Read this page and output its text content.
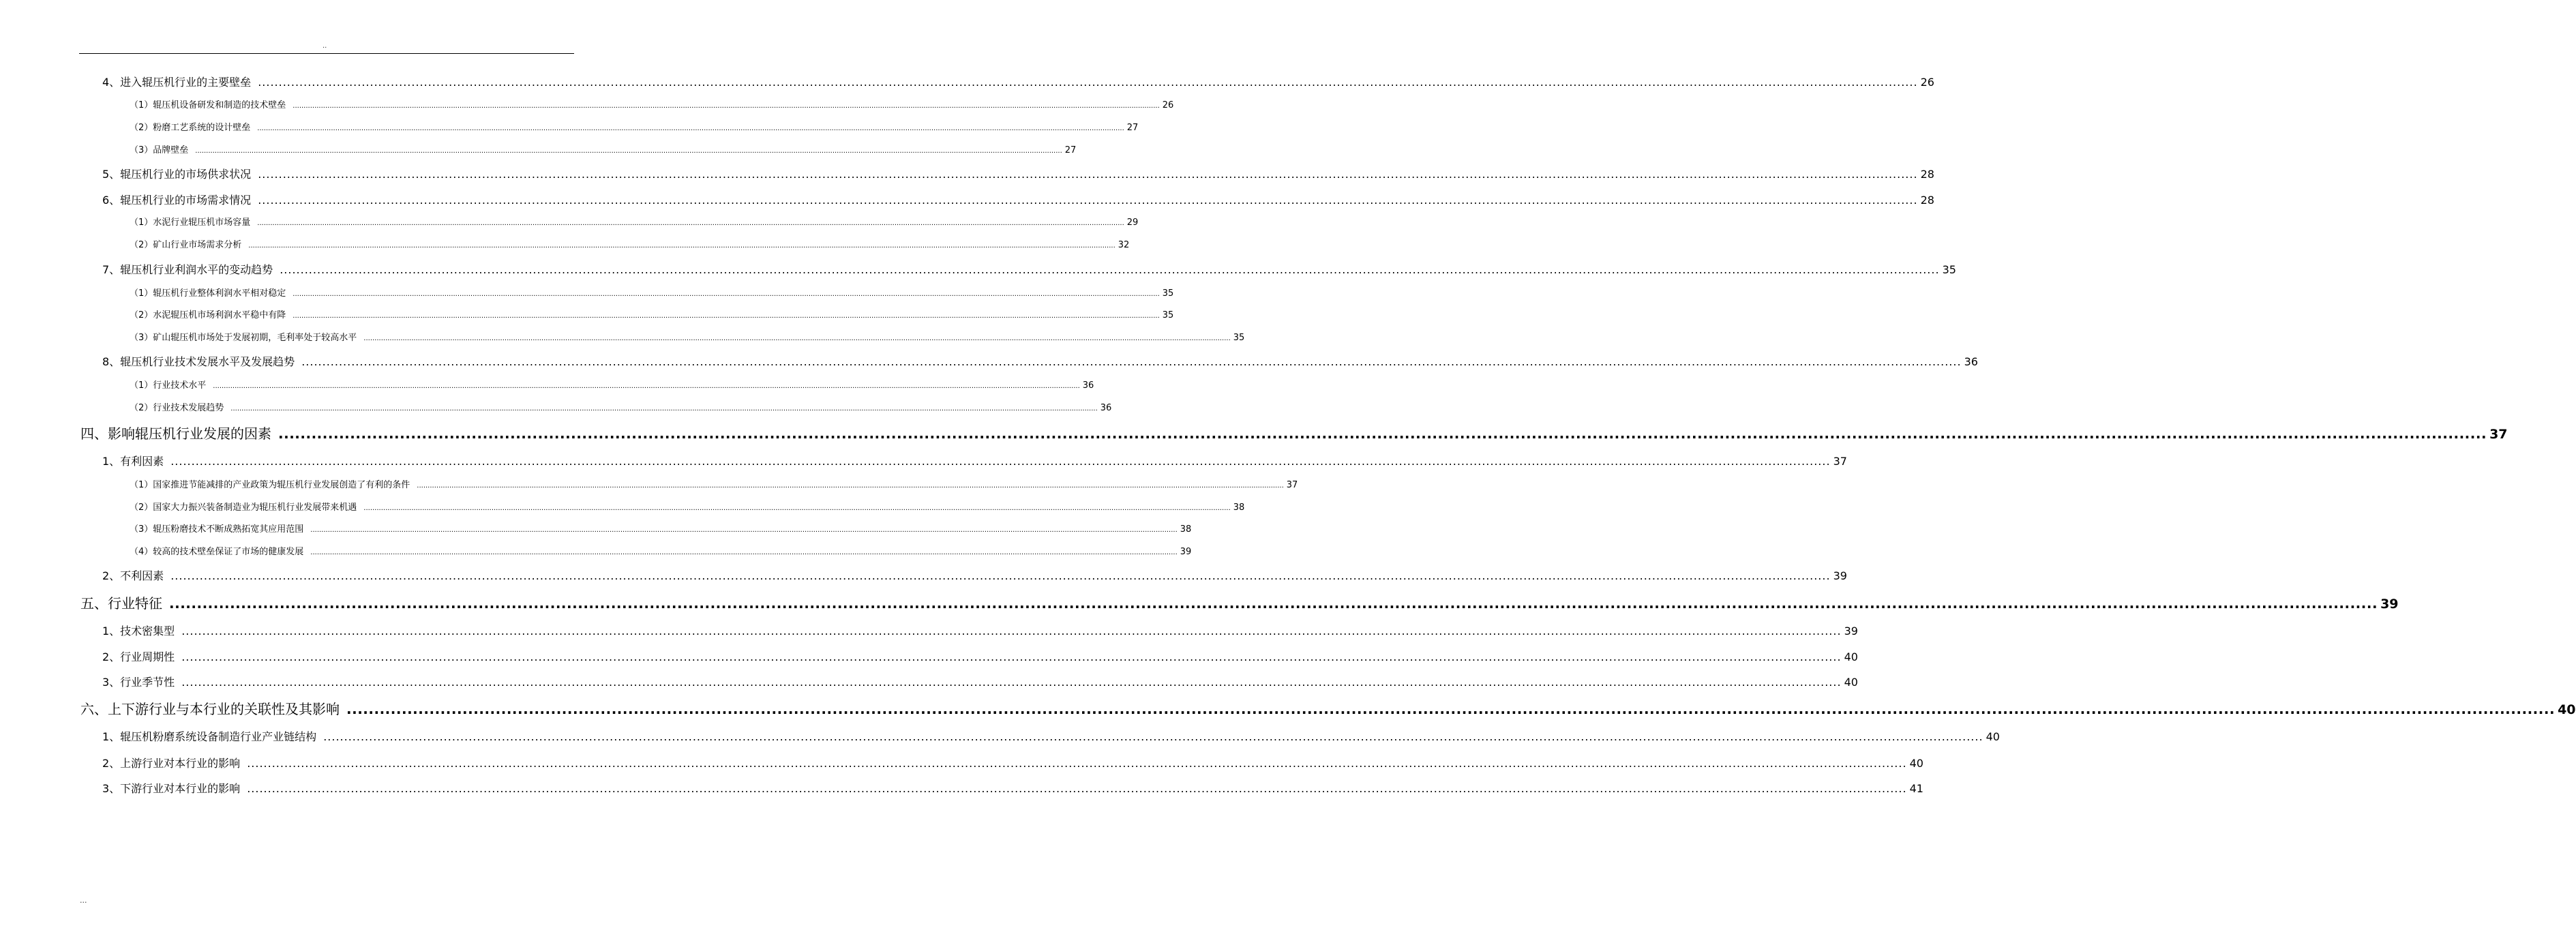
..
4、进入辊压机行业的主要壁垒 ................................................................................................................................................................................................................................................................................................................................................................................................................ 26
（1）辊压机设备研发和制造的技术壁垒 ................................................................................................................................................................................................................................................................................................................................................................................................................ 26
（2）粉磨工艺系统的设计壁垒 ................................................................................................................................................................................................................................................................................................................................................................................................................ 27
（3）品牌壁垒 ................................................................................................................................................................................................................................................................................................................................................................................................................ 27
5、辊压机行业的市场供求状况 ................................................................................................................................................................................................................................................................................................................................................................................................................ 28
6、辊压机行业的市场需求情况 ................................................................................................................................................................................................................................................................................................................................................................................................................ 28
（1）水泥行业辊压机市场容量 ................................................................................................................................................................................................................................................................................................................................................................................................................ 29
（2）矿山行业市场需求分析 ................................................................................................................................................................................................................................................................................................................................................................................................................ 32
7、辊压机行业利润水平的变动趋势 ................................................................................................................................................................................................................................................................................................................................................................................................................ 35
（1）辊压机行业整体利润水平相对稳定 ................................................................................................................................................................................................................................................................................................................................................................................................................ 35
（2）水泥辊压机市场利润水平稳中有降 ................................................................................................................................................................................................................................................................................................................................................................................................................ 35
（3）矿山辊压机市场处于发展初期，毛利率处于较高水平 ................................................................................................................................................................................................................................................................................................................................................................................................................ 35
8、辊压机行业技术发展水平及发展趋势 ................................................................................................................................................................................................................................................................................................................................................................................................................ 36
（1）行业技术水平 ................................................................................................................................................................................................................................................................................................................................................................................................................ 36
（2）行业技术发展趋势 ................................................................................................................................................................................................................................................................................................................................................................................................................ 36
四、影响辊压机行业发展的因素 ................................................................................................................................................................................................................................................................................................................................................................................................................ 37
1、有利因素 ................................................................................................................................................................................................................................................................................................................................................................................................................ 37
（1）国家推进节能减排的产业政策为辊压机行业发展创造了有利的条件 ................................................................................................................................................................................................................................................................................................................................................................................................................ 37
（2）国家大力振兴装备制造业为辊压机行业发展带来机遇 ................................................................................................................................................................................................................................................................................................................................................................................................................ 38
（3）辊压粉磨技术不断成熟拓宽其应用范围 ................................................................................................................................................................................................................................................................................................................................................................................................................ 38
（4）较高的技术壁垒保证了市场的健康发展 ................................................................................................................................................................................................................................................................................................................................................................................................................ 39
2、不利因素 ................................................................................................................................................................................................................................................................................................................................................................................................................ 39
五、行业特征 ................................................................................................................................................................................................................................................................................................................................................................................................................ 39
1、技术密集型 ................................................................................................................................................................................................................................................................................................................................................................................................................ 39
2、行业周期性 ................................................................................................................................................................................................................................................................................................................................................................................................................ 40
3、行业季节性 ................................................................................................................................................................................................................................................................................................................................................................................................................ 40
六、上下游行业与本行业的关联性及其影响 ................................................................................................................................................................................................................................................................................................................................................................................................................ 40
1、辊压机粉磨系统设备制造行业产业链结构 ................................................................................................................................................................................................................................................................................................................................................................................................................ 40
2、上游行业对本行业的影响 ................................................................................................................................................................................................................................................................................................................................................................................................................ 40
3、下游行业对本行业的影响 ................................................................................................................................................................................................................................................................................................................................................................................................................ 41
...
